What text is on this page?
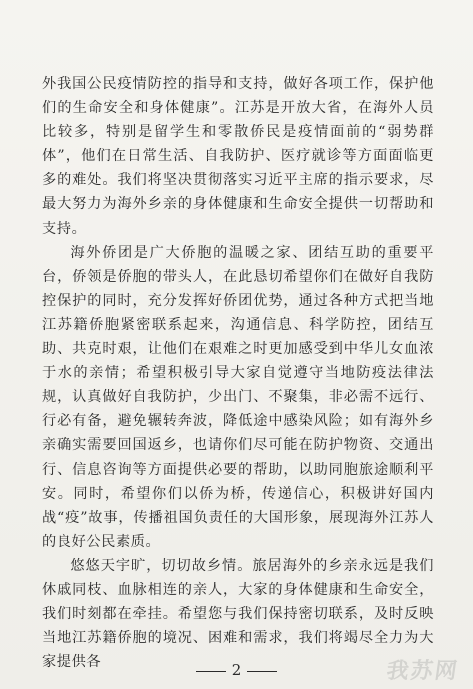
外我国公民疫情防控的指导和支持，做好各项工作，保护他们的生命安全和身体健康”。江苏是开放大省，在海外人员比较多，特别是留学生和零散侨民是疫情面前的“弱势群体”，他们在日常生活、自我防护、医疗就诊等方面面临更多的难处。我们将坚决贯彻落实习近平主席的指示要求，尽最大努力为海外乡亲的身体健康和生命安全提供一切帮助和支持。

海外侨团是广大侨胞的温暖之家、团结互助的重要平台，侨领是侨胞的带头人，在此恳切希望你们在做好自我防控保护的同时，充分发挥好侨团优势，通过各种方式把当地江苏籍侨胞紧密联系起来，沟通信息、科学防控，团结互助、共克时艰，让他们在艰难之时更加感受到中华儿女血浓于水的亲情；希望积极引导大家自觉遵守当地防疫法律法规，认真做好自我防护，少出门、不聚集，非必需不远行、行必有备，避免辗转奔波，降低途中感染风险；如有海外乡亲确实需要回国返乡，也请你们尽可能在防护物资、交通出行、信息咨询等方面提供必要的帮助，以助同胞旅途顺利平安。同时，希望你们以侨为桥，传递信心，积极讲好国内战“疫”故事，传播祖国负责任的大国形象，展现海外江苏人的良好公民素质。

悠悠天宇旷，切切故乡情。旅居海外的乡亲永远是我们休戚同枝、血脉相连的亲人，大家的身体健康和生命安全，我们时刻都在牵挂。希望您与我们保持密切联系，及时反映当地江苏籍侨胞的境况、困难和需求，我们将竭尽全力为大家提供各	2	我苏网
